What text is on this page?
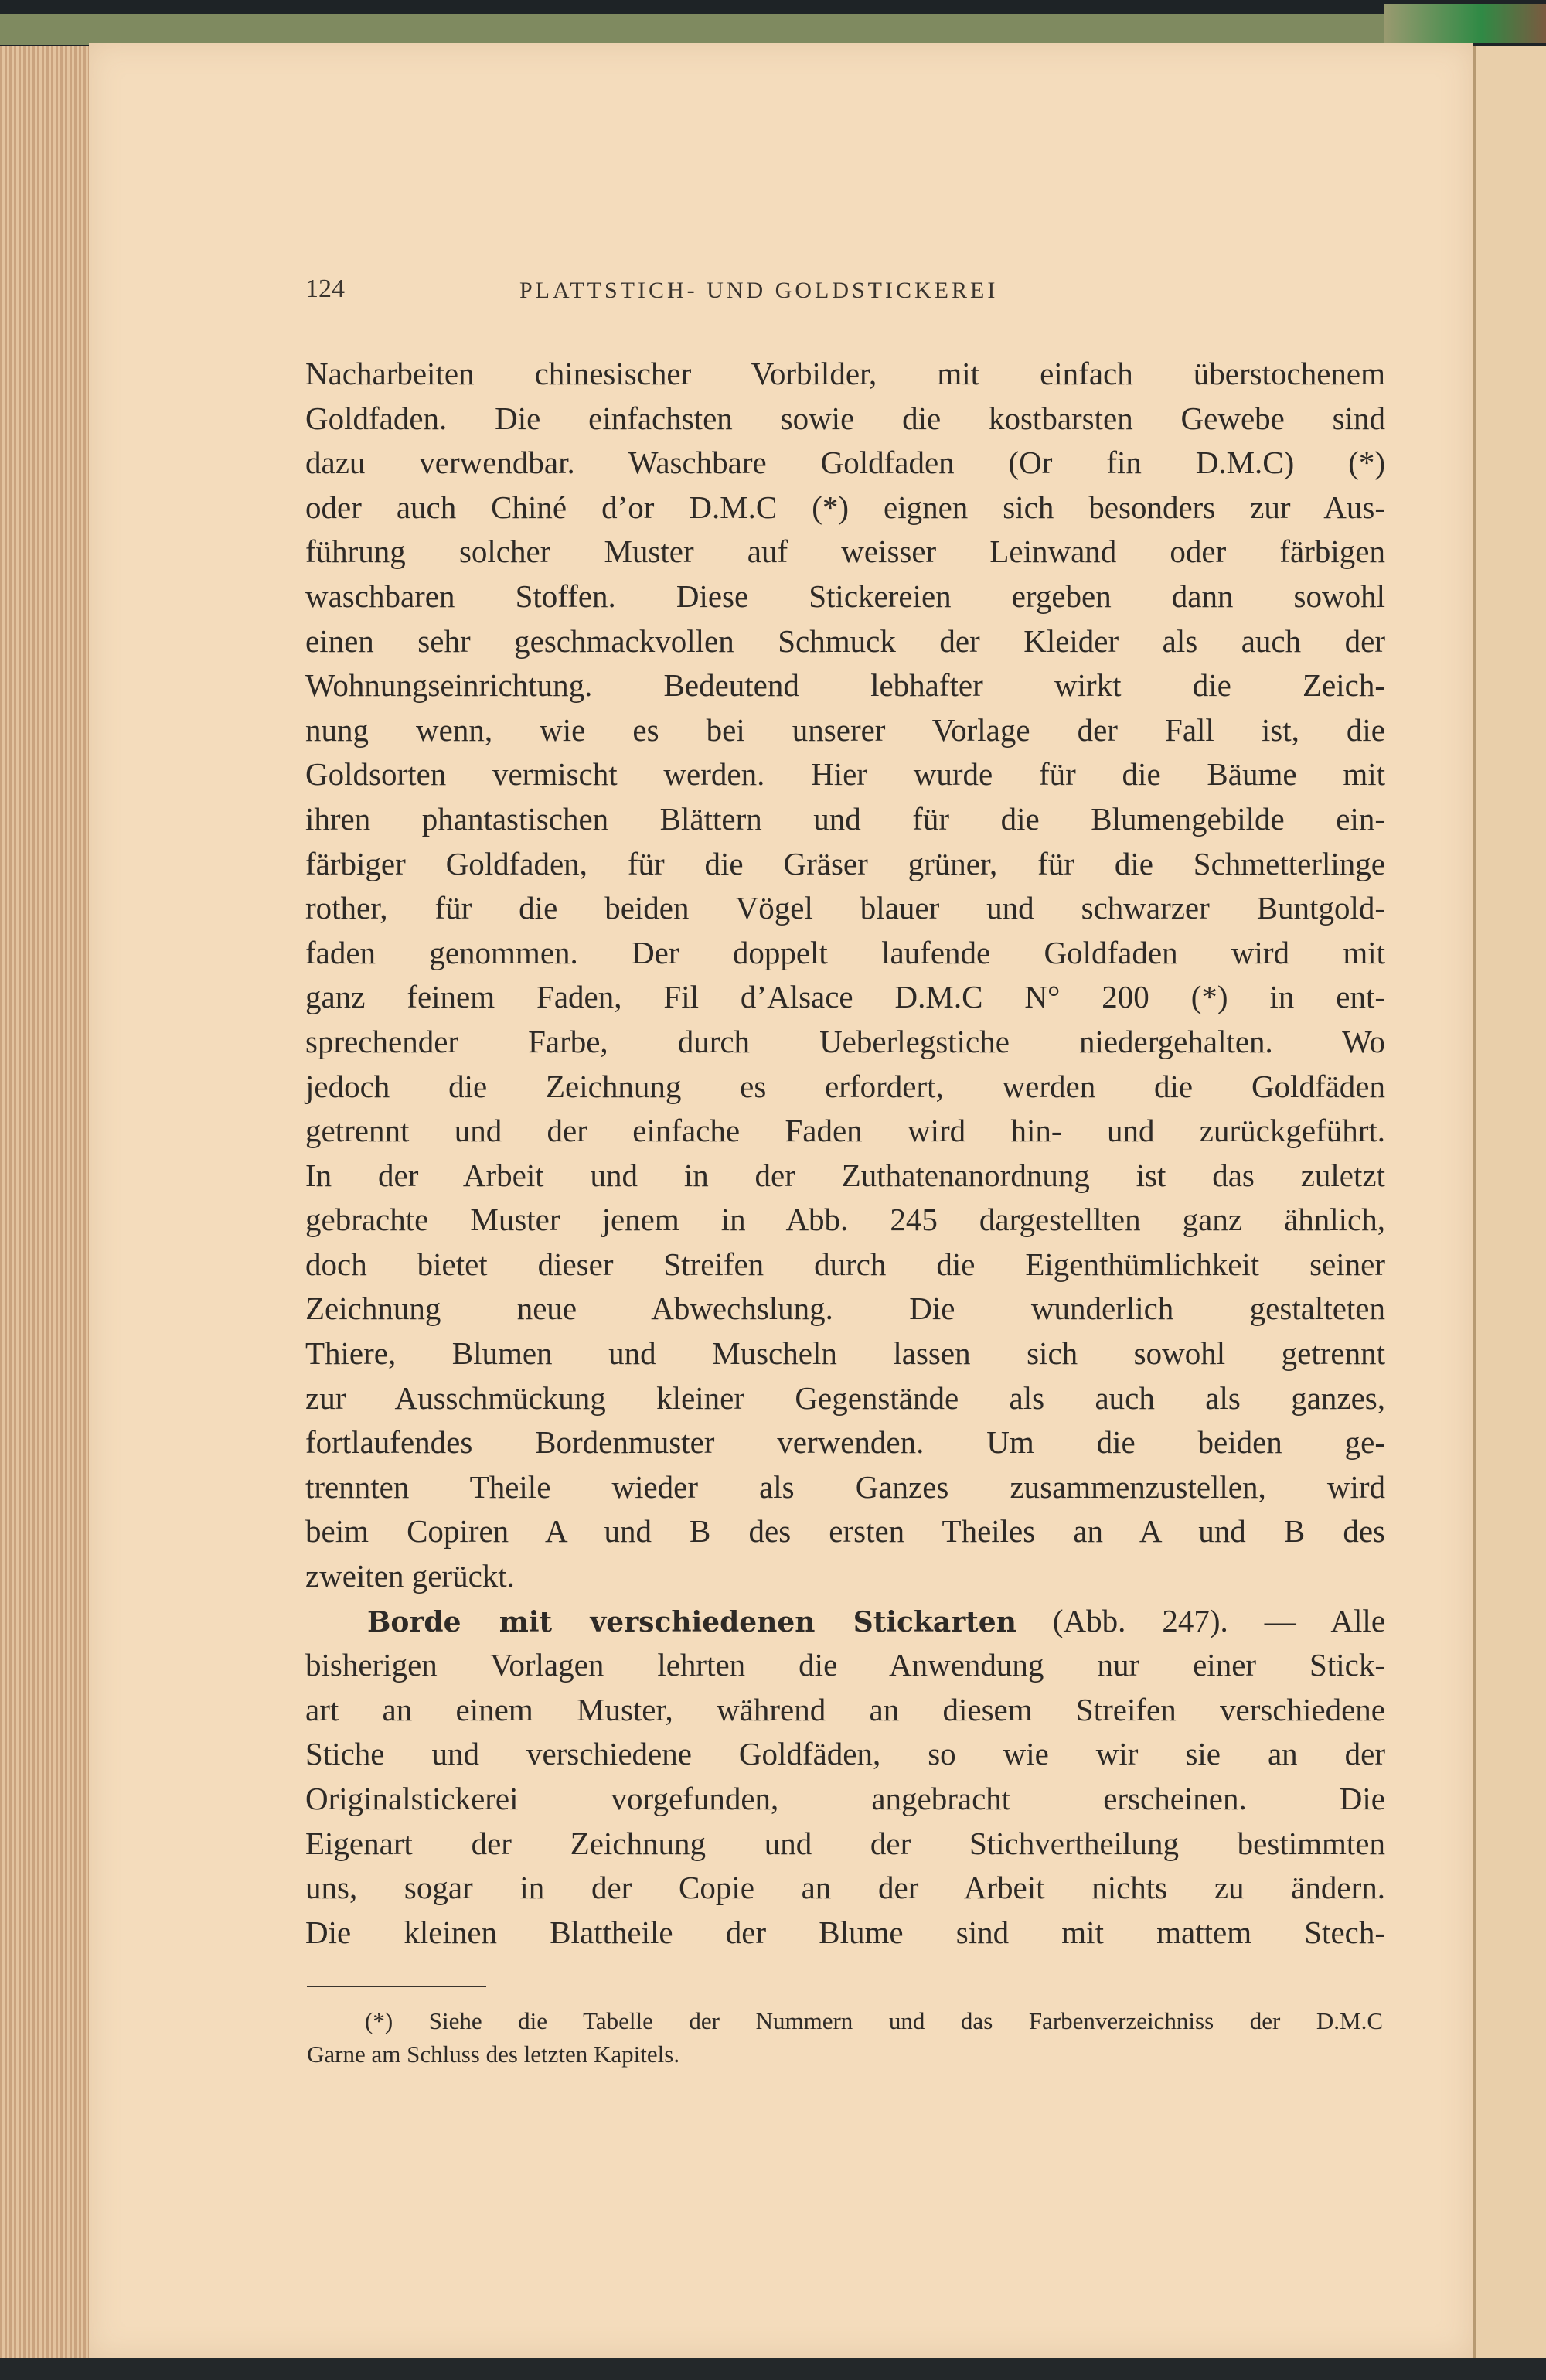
124	PLATTSTICH- UND GOLDSTICKEREI
Nacharbeiten chinesischer Vorbilder, mit einfach überstochenem
Goldfaden. Die einfachsten sowie die kostbarsten Gewebe sind
dazu verwendbar. Waschbare Goldfaden (Or fin D.M.C) (*)
oder auch Chiné d’or D.M.C (*) eignen sich besonders zur Aus-
führung solcher Muster auf weisser Leinwand oder färbigen
waschbaren Stoffen. Diese Stickereien ergeben dann sowohl
einen sehr geschmackvollen Schmuck der Kleider als auch der
Wohnungseinrichtung. Bedeutend lebhafter wirkt die Zeich-
nung wenn, wie es bei unserer Vorlage der Fall ist, die
Goldsorten vermischt werden. Hier wurde für die Bäume mit
ihren phantastischen Blättern und für die Blumengebilde ein-
färbiger Goldfaden, für die Gräser grüner, für die Schmetterlinge
rother, für die beiden Vögel blauer und schwarzer Buntgold-
faden genommen. Der doppelt laufende Goldfaden wird mit
ganz feinem Faden, Fil d’Alsace D.M.C N° 200 (*) in ent-
sprechender Farbe, durch Ueberlegstiche niedergehalten. Wo
jedoch die Zeichnung es erfordert, werden die Goldfäden
getrennt und der einfache Faden wird hin- und zurückgeführt.
In der Arbeit und in der Zuthatenanordnung ist das zuletzt
gebrachte Muster jenem in Abb. 245 dargestellten ganz ähnlich,
doch bietet dieser Streifen durch die Eigenthümlichkeit seiner
Zeichnung neue Abwechslung. Die wunderlich gestalteten
Thiere, Blumen und Muscheln lassen sich sowohl getrennt
zur Ausschmückung kleiner Gegenstände als auch als ganzes,
fortlaufendes Bordenmuster verwenden. Um die beiden ge-
trennten Theile wieder als Ganzes zusammenzustellen, wird
beim Copiren A und B des ersten Theiles an A und B des
zweiten gerückt.
Borde mit verschiedenen Stickarten (Abb. 247). — Alle
bisherigen Vorlagen lehrten die Anwendung nur einer Stick-
art an einem Muster, während an diesem Streifen verschiedene
Stiche und verschiedene Goldfäden, so wie wir sie an der
Originalstickerei vorgefunden, angebracht erscheinen. Die
Eigenart der Zeichnung und der Stichvertheilung bestimmten
uns, sogar in der Copie an der Arbeit nichts zu ändern.
Die kleinen Blattheile der Blume sind mit mattem Stech-
(*) Siehe die Tabelle der Nummern und das Farbenverzeichniss der D.M.C
Garne am Schluss des letzten Kapitels.
